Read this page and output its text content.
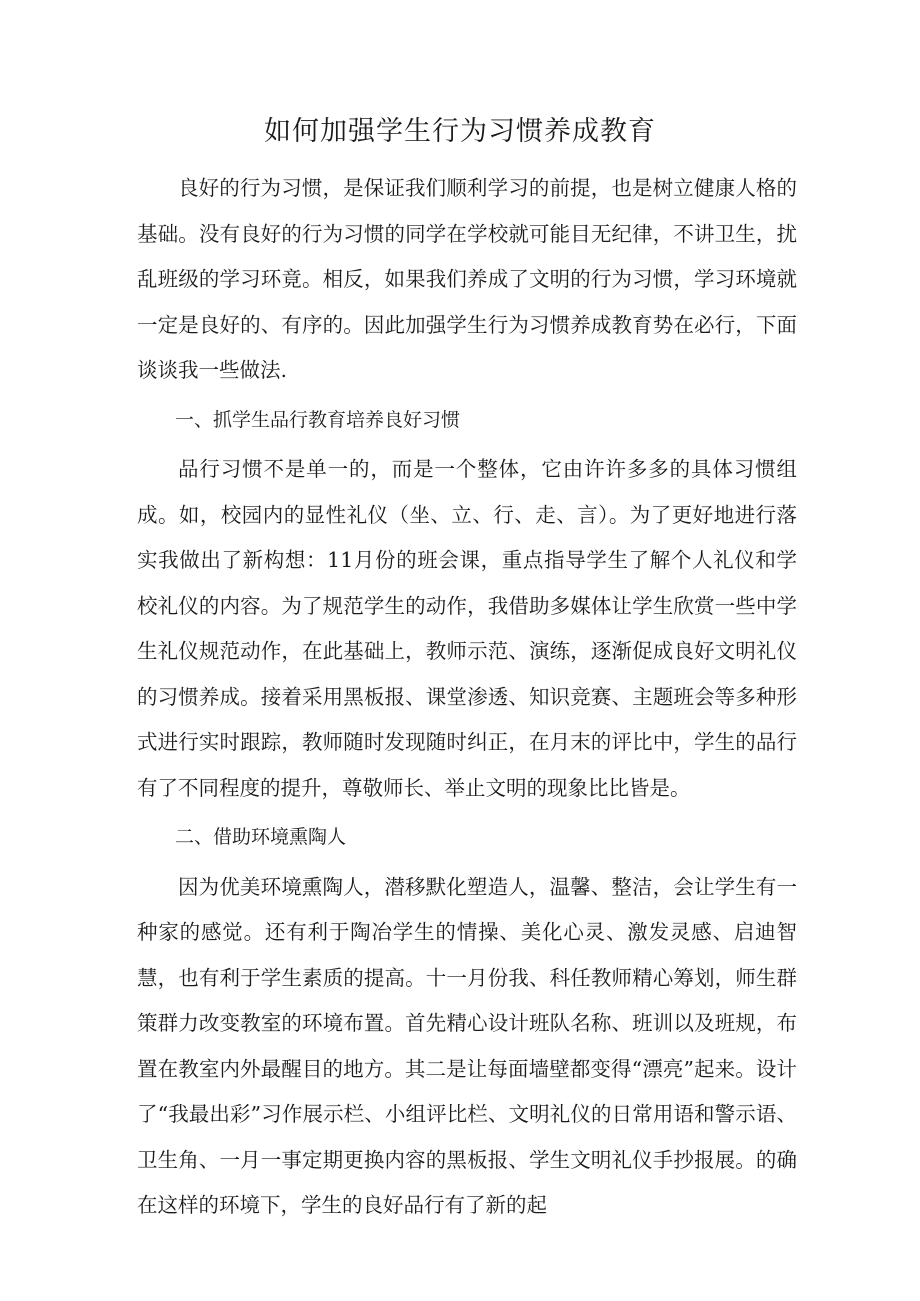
如何加强学生行为习惯养成教育

良好的行为习惯，是保证我们顺利学习的前提，也是树立健康人格的基础。没有良好的行为习惯的同学在学校就可能目无纪律，不讲卫生，扰乱班级的学习环竟。相反，如果我们养成了文明的行为习惯，学习环境就一定是良好的、有序的。因此加强学生行为习惯养成教育势在必行，下面谈谈我一些做法.

一、抓学生品行教育培养良好习惯

品行习惯不是单一的，而是一个整体，它由许许多多的具体习惯组成。如，校园内的显性礼仪（坐、立、行、走、言）。为了更好地进行落实我做出了新构想：11月份的班会课，重点指导学生了解个人礼仪和学校礼仪的内容。为了规范学生的动作，我借助多媒体让学生欣赏一些中学生礼仪规范动作，在此基础上，教师示范、演练，逐渐促成良好文明礼仪的习惯养成。接着采用黑板报、课堂渗透、知识竞赛、主题班会等多种形式进行实时跟踪，教师随时发现随时纠正，在月末的评比中，学生的品行有了不同程度的提升，尊敬师长、举止文明的现象比比皆是。

二、借助环境熏陶人

因为优美环境熏陶人，潜移默化塑造人，温馨、整洁，会让学生有一种家的感觉。还有利于陶冶学生的情操、美化心灵、激发灵感、启迪智慧，也有利于学生素质的提高。十一月份我、科任教师精心筹划，师生群策群力改变教室的环境布置。首先精心设计班队名称、班训以及班规，布置在教室内外最醒目的地方。其二是让每面墙壁都变得“漂亮”起来。设计了“我最出彩”习作展示栏、小组评比栏、文明礼仪的日常用语和警示语、卫生角、一月一事定期更换内容的黑板报、学生文明礼仪手抄报展。的确在这样的环境下，学生的良好品行有了新的起
